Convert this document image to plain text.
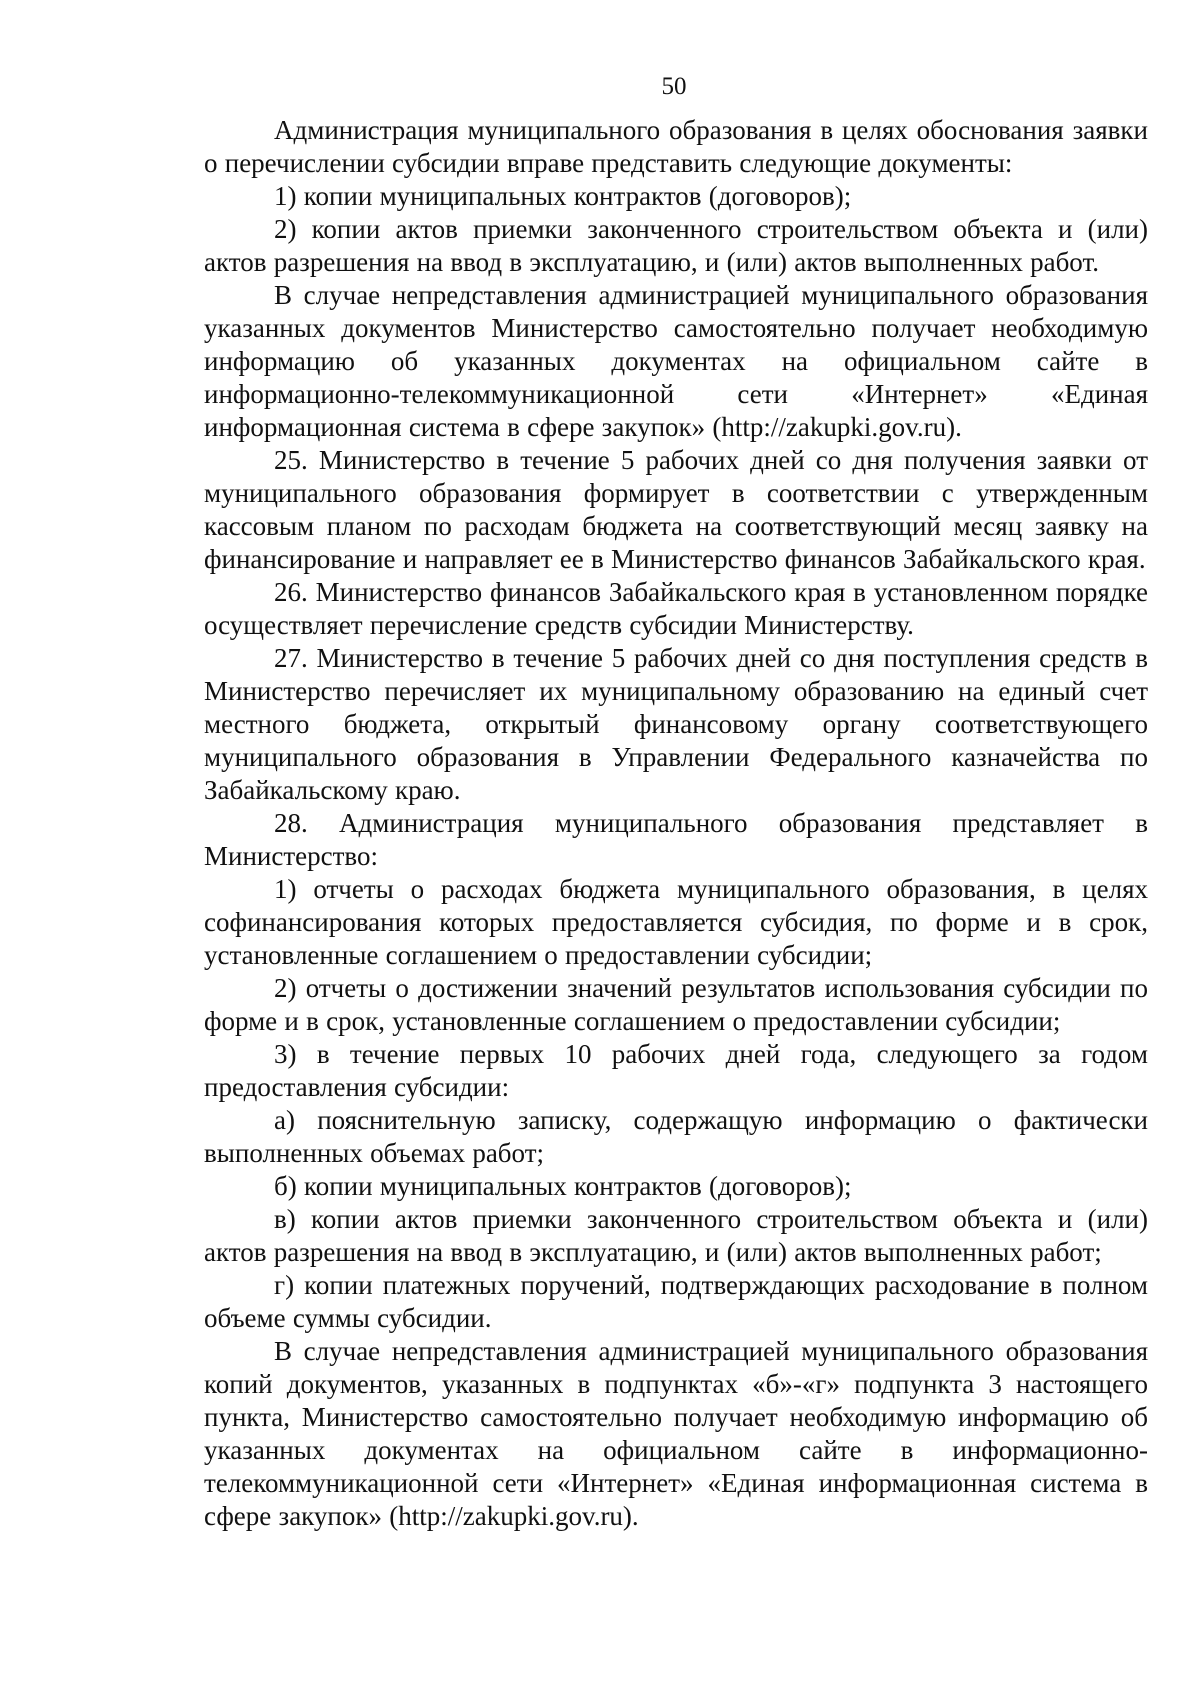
50

Администрация муниципального образования в целях обоснования заявки о перечислении субсидии вправе представить следующие документы:

1) копии муниципальных контрактов (договоров);

2) копии актов приемки законченного строительством объекта и (или) актов разрешения на ввод в эксплуатацию, и (или) актов выполненных работ.

В случае непредставления администрацией муниципального образования указанных документов Министерство самостоятельно получает необходимую информацию об указанных документах на официальном сайте в информационно-телекоммуникационной сети «Интернет» «Единая информационная система в сфере закупок» (http://zakupki.gov.ru).

25. Министерство в течение 5 рабочих дней со дня получения заявки от муниципального образования формирует в соответствии с утвержденным кассовым планом по расходам бюджета на соответствующий месяц заявку на финансирование и направляет ее в Министерство финансов Забайкальского края.

26. Министерство финансов Забайкальского края в установленном порядке осуществляет перечисление средств субсидии Министерству.

27. Министерство в течение 5 рабочих дней со дня поступления средств в Министерство перечисляет их муниципальному образованию на единый счет местного бюджета, открытый финансовому органу соответствующего муниципального образования в Управлении Федерального казначейства по Забайкальскому краю.

28. Администрация муниципального образования представляет в Министерство:

1) отчеты о расходах бюджета муниципального образования, в целях софинансирования которых предоставляется субсидия, по форме и в срок, установленные соглашением о предоставлении субсидии;

2) отчеты о достижении значений результатов использования субсидии по форме и в срок, установленные соглашением о предоставлении субсидии;

3) в течение первых 10 рабочих дней года, следующего за годом предоставления субсидии:

а) пояснительную записку, содержащую информацию о фактически выполненных объемах работ;

б) копии муниципальных контрактов (договоров);

в) копии актов приемки законченного строительством объекта и (или) актов разрешения на ввод в эксплуатацию, и (или) актов выполненных работ;

г) копии платежных поручений, подтверждающих расходование в полном объеме суммы субсидии.

В случае непредставления администрацией муниципального образования копий документов, указанных в подпунктах «б»-«г» подпункта 3 настоящего пункта, Министерство самостоятельно получает необходимую информацию об указанных документах на официальном сайте в информационно-телекоммуникационной сети «Интернет» «Единая информационная система в сфере закупок» (http://zakupki.gov.ru).
